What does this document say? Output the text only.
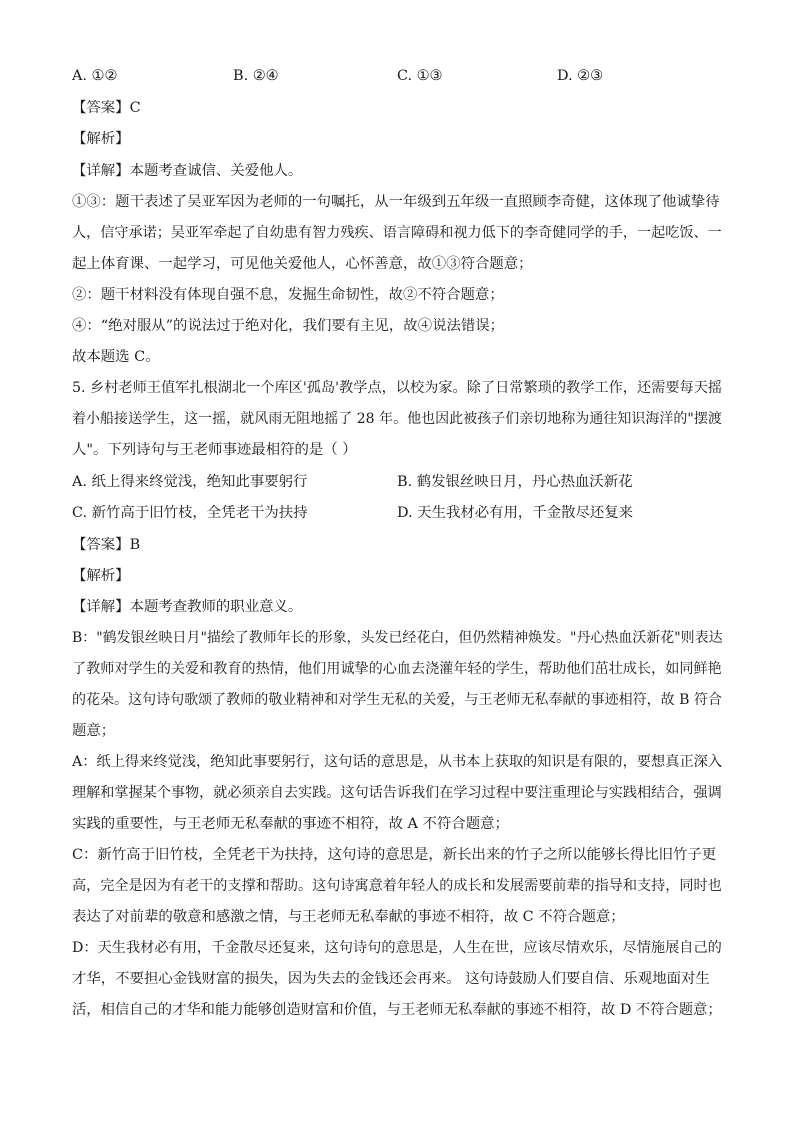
A. ①②	B. ②④	C. ①③	D. ②③
【答案】C
【解析】
【详解】本题考查诚信、关爱他人。
①③：题干表述了吴亚军因为老师的一句嘱托，从一年级到五年级一直照顾李奇健，这体现了他诚挚待
人，信守承诺；吴亚军牵起了自幼患有智力残疾、语言障碍和视力低下的李奇健同学的手，一起吃饭、一
起上体育课、一起学习，可见他关爱他人，心怀善意，故①③符合题意；
②：题干材料没有体现自强不息，发掘生命韧性，故②不符合题意；
④：“绝对服从”的说法过于绝对化，我们要有主见，故④说法错误；
故本题选 C。
5. 乡村老师王值军扎根湖北一个库区'孤岛'教学点，以校为家。除了日常繁琐的教学工作，还需要每天摇
着小船接送学生，这一摇，就风雨无阻地摇了 28 年。他也因此被孩子们亲切地称为通往知识海洋的"摆渡
人"。下列诗句与王老师事迹最相符的是（ ）
A. 纸上得来终觉浅，绝知此事要躬行	B. 鹤发银丝映日月，丹心热血沃新花
C. 新竹高于旧竹枝，全凭老干为扶持	D. 天生我材必有用，千金散尽还复来
【答案】B
【解析】
【详解】本题考查教师的职业意义。
B："鹤发银丝映日月"描绘了教师年长的形象，头发已经花白，但仍然精神焕发。"丹心热血沃新花"则表达
了教师对学生的关爱和教育的热情，他们用诚挚的心血去浇灌年轻的学生，帮助他们茁壮成长，如同鲜艳
的花朵。这句诗句歌颂了教师的敬业精神和对学生无私的关爱，与王老师无私奉献的事迹相符，故 B 符合
题意；
A：纸上得来终觉浅，绝知此事要躬行，这句话的意思是，从书本上获取的知识是有限的，要想真正深入
理解和掌握某个事物，就必须亲自去实践。这句话告诉我们在学习过程中要注重理论与实践相结合，强调
实践的重要性，与王老师无私奉献的事迹不相符，故 A 不符合题意；
C：新竹高于旧竹枝，全凭老干为扶持，这句诗的意思是，新长出来的竹子之所以能够长得比旧竹子更
高，完全是因为有老干的支撑和帮助。这句诗寓意着年轻人的成长和发展需要前辈的指导和支持，同时也
表达了对前辈的敬意和感激之情，与王老师无私奉献的事迹不相符，故 C 不符合题意；
D：天生我材必有用，千金散尽还复来，这句诗句的意思是，人生在世，应该尽情欢乐，尽情施展自己的
才华，不要担心金钱财富的损失，因为失去的金钱还会再来。 这句诗鼓励人们要自信、乐观地面对生
活，相信自己的才华和能力能够创造财富和价值，与王老师无私奉献的事迹不相符，故 D 不符合题意；
